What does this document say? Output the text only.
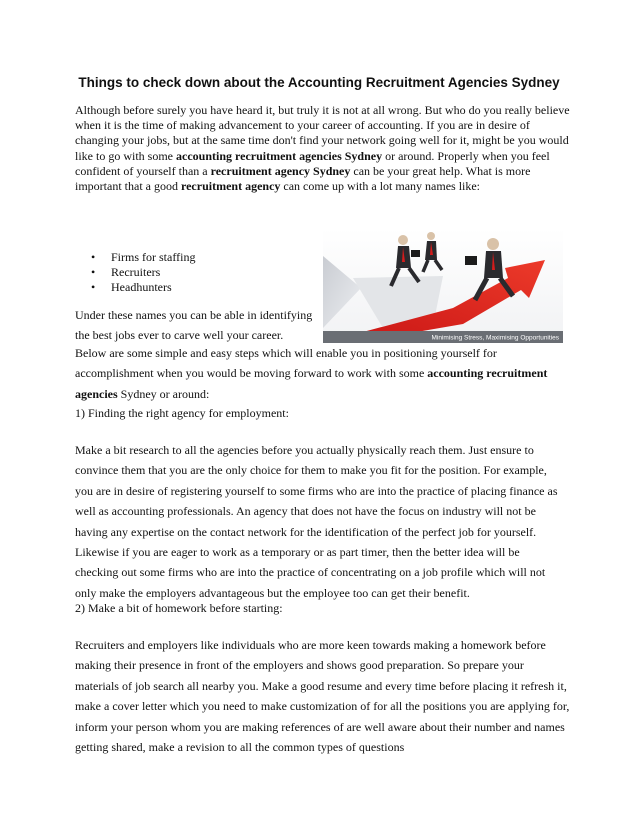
Things to check down about the Accounting Recruitment Agencies Sydney

Although before surely you have heard it, but truly it is not at all wrong. But who do you really believe when it is the time of making advancement to your career of accounting. If you are in desire of changing your jobs, but at the same time don't find your network going well for it, might be you would like to go with some accounting recruitment agencies Sydney or around. Properly when you feel confident of yourself than a recruitment agency Sydney can be your great help. What is more important that a good recruitment agency can come up with a lot many names like:

Minimising Stress, Maximising Opportunities
• Firms for staffing
• Recruiters
• Headhunters

Under these names you can be able in identifying the best jobs ever to carve well your career.

Below are some simple and easy steps which will enable you in positioning yourself for accomplishment when you would be moving forward to work with some accounting recruitment agencies Sydney or around:

1) Finding the right agency for employment:

Make a bit research to all the agencies before you actually physically reach them. Just ensure to convince them that you are the only choice for them to make you fit for the position. For example, you are in desire of registering yourself to some firms who are into the practice of placing finance as well as accounting professionals. An agency that does not have the focus on industry will not be having any expertise on the contact network for the identification of the perfect job for yourself. Likewise if you are eager to work as a temporary or as part timer, then the better idea will be checking out some firms who are into the practice of concentrating on a job profile which will not only make the employers advantageous but the employee too can get their benefit.

2) Make a bit of homework before starting:

Recruiters and employers like individuals who are more keen towards making a homework before making their presence in front of the employers and shows good preparation. So prepare your materials of job search all nearby you. Make a good resume and every time before placing it refresh it, make a cover letter which you need to make customization of for all the positions you are applying for, inform your person whom you are making references of are well aware about their number and names getting shared, make a revision to all the common types of questions
